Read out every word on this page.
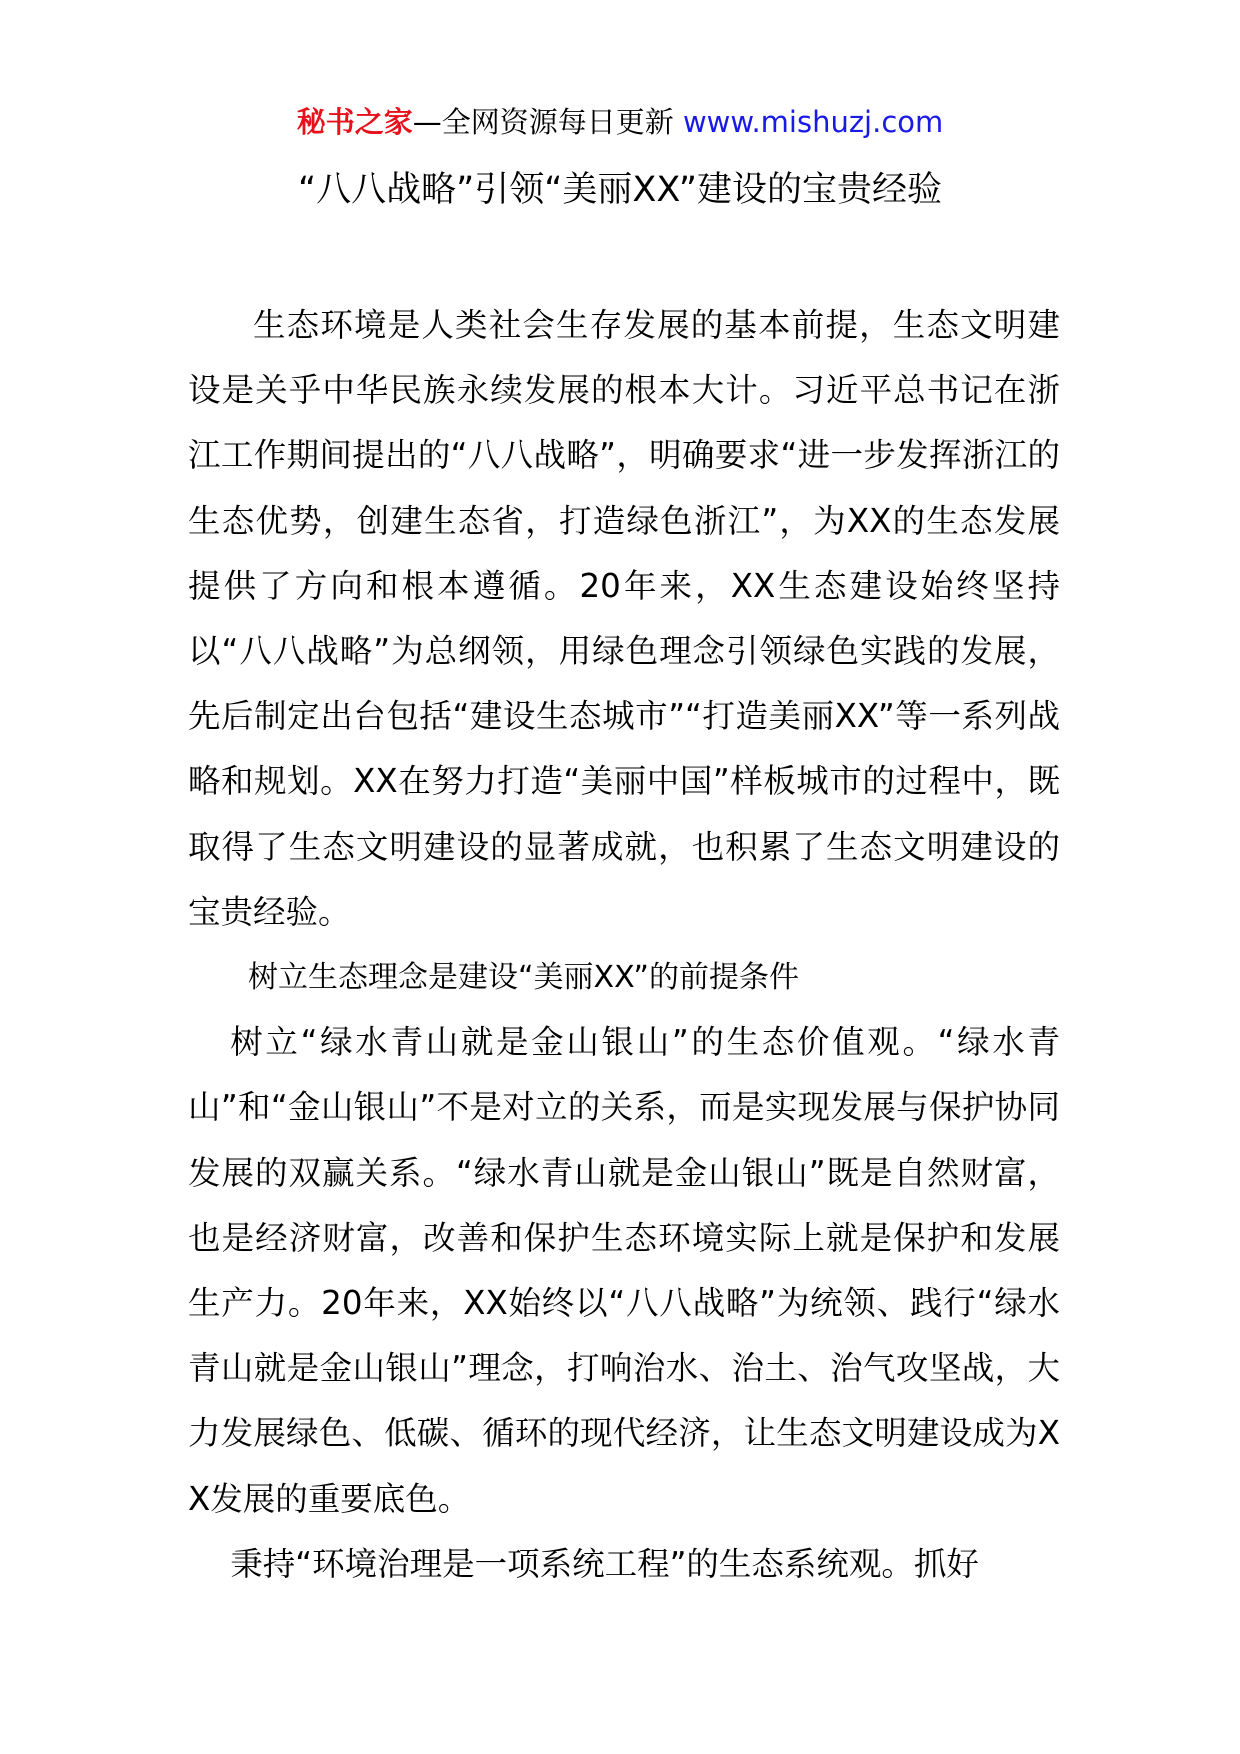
秘书之家—全网资源每日更新 www.mishuzj.com
“八八战略”引领“美丽XX”建设的宝贵经验

生态环境是人类社会生存发展的基本前提，生态文明建设是关乎中华民族永续发展的根本大计。习近平总书记在浙江工作期间提出的“八八战略”，明确要求“进一步发挥浙江的生态优势，创建生态省，打造绿色浙江”，为XX的生态发展提供了方向和根本遵循。20年来，XX生态建设始终坚持以“八八战略”为总纲领，用绿色理念引领绿色实践的发展，先后制定出台包括“建设生态城市”“打造美丽XX”等一系列战略和规划。XX在努力打造“美丽中国”样板城市的过程中，既取得了生态文明建设的显著成就，也积累了生态文明建设的宝贵经验。

树立生态理念是建设“美丽XX”的前提条件

树立“绿水青山就是金山银山”的生态价值观。“绿水青山”和“金山银山”不是对立的关系，而是实现发展与保护协同发展的双赢关系。“绿水青山就是金山银山”既是自然财富，也是经济财富，改善和保护生态环境实际上就是保护和发展生产力。20年来，XX始终以“八八战略”为统领、践行“绿水青山就是金山银山”理念，打响治水、治土、治气攻坚战，大力发展绿色、低碳、循环的现代经济，让生态文明建设成为XX发展的重要底色。

秉持“环境治理是一项系统工程”的生态系统观。抓好
